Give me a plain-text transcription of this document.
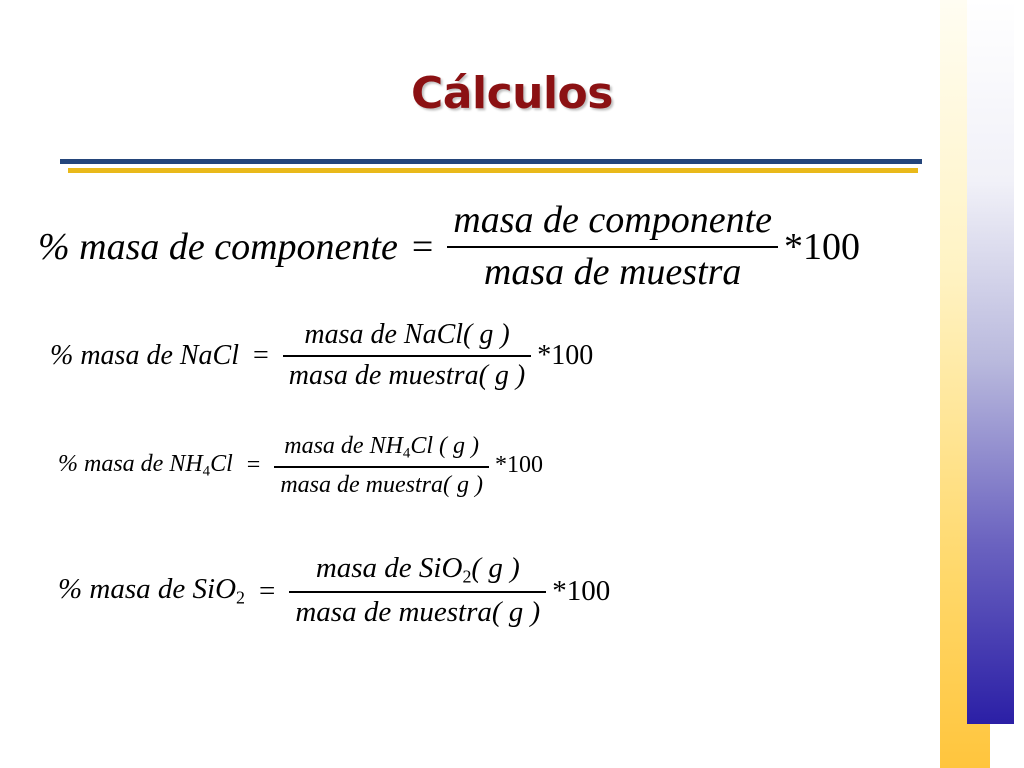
Cálculos
% masa de componente = $\frac{\text{masa de componente}}{\text{masa de muestra}} *100$
% masa de NaCl = $\frac{\text{masa de NaCl( g )}}{\text{masa de muestra( g )}} *100$
% masa de $NH_4Cl = \frac{masa de NH_4Cl ( g )}{\text{masa de muestra( g )}} *100$
% masa de $SiO_2 = \frac{masa de SiO_2( g )}{\text{masa de muestra( g )}} *100$
